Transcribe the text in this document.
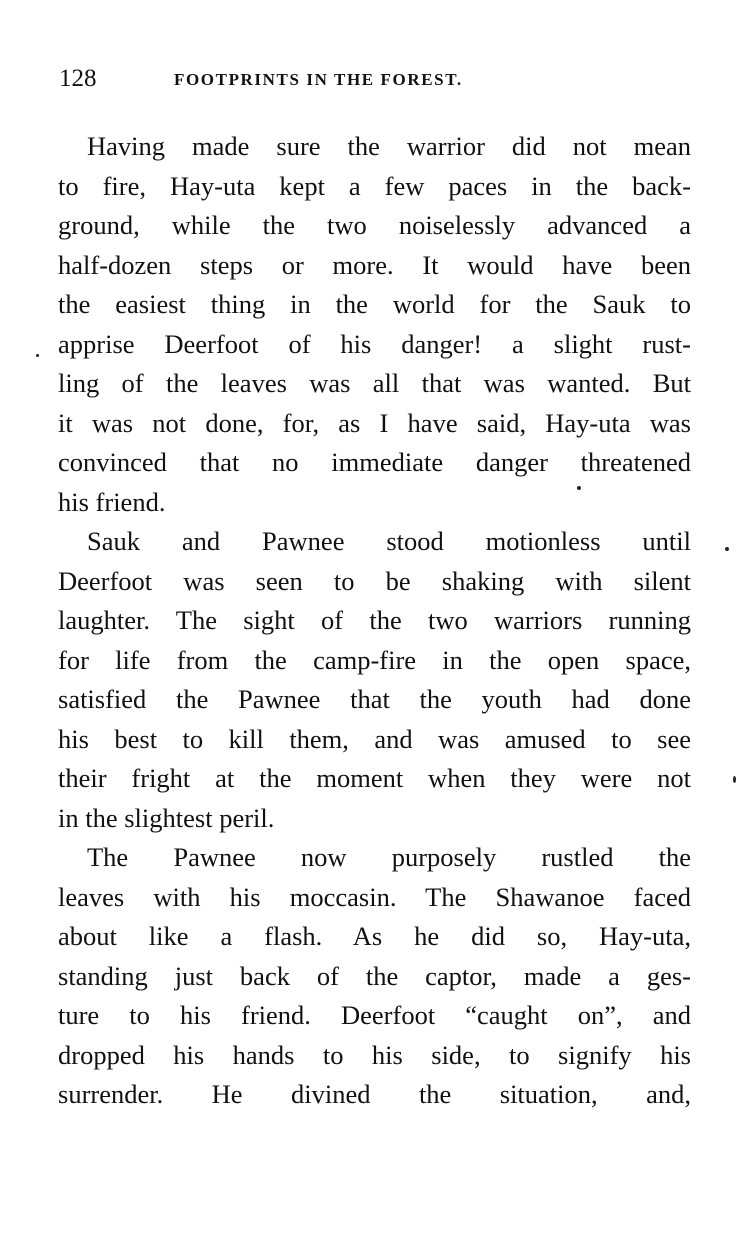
128	FOOTPRINTS IN THE FOREST.
Having made sure the warrior did not mean
to fire, Hay-uta kept a few paces in the back-
ground, while the two noiselessly advanced a
half-dozen steps or more. It would have been
the easiest thing in the world for the Sauk to
apprise Deerfoot of his danger! a slight rust-
ling of the leaves was all that was wanted. But
it was not done, for, as I have said, Hay-uta was
convinced that no immediate danger threatened
his friend.
Sauk and Pawnee stood motionless until
Deerfoot was seen to be shaking with silent
laughter. The sight of the two warriors running
for life from the camp-fire in the open space,
satisfied the Pawnee that the youth had done
his best to kill them, and was amused to see
their fright at the moment when they were not
in the slightest peril.
The Pawnee now purposely rustled the
leaves with his moccasin. The Shawanoe faced
about like a flash. As he did so, Hay-uta,
standing just back of the captor, made a ges-
ture to his friend. Deerfoot “caught on”, and
dropped his hands to his side, to signify his
surrender. He divined the situation, and,
